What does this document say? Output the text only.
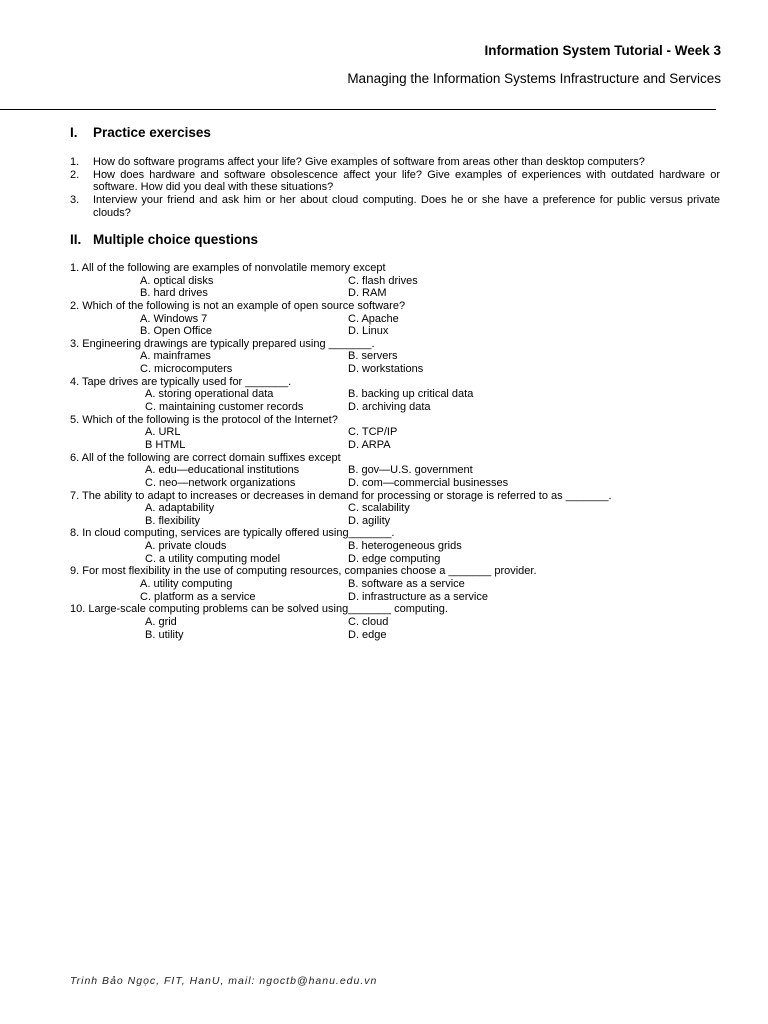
Information System Tutorial - Week 3
Managing the Information Systems Infrastructure and Services
I. Practice exercises
1.	How do software programs affect your life? Give examples of software from areas other than desktop computers?
2.	How does hardware and software obsolescence affect your life? Give examples of experiences with outdated hardware or software. How did you deal with these situations?
3.	Interview your friend and ask him or her about cloud computing. Does he or she have a preference for public versus private clouds?
II. Multiple choice questions
1. All of the following are examples of nonvolatile memory except
A. optical disks	C. flash drives
B. hard drives	D. RAM
2. Which of the following is not an example of open source software?
A. Windows 7	C. Apache
B. Open Office	D. Linux
3. Engineering drawings are typically prepared using _______.
A. mainframes	B. servers
C. microcomputers	D. workstations
4. Tape drives are typically used for _______.
A. storing operational data	B. backing up critical data
C. maintaining customer records	D. archiving data
5. Which of the following is the protocol of the Internet?
A. URL	C. TCP/IP
B HTML	D. ARPA
6. All of the following are correct domain suffixes except
A. edu—educational institutions	B. gov—U.S. government
C. neo—network organizations	D. com—commercial businesses
7. The ability to adapt to increases or decreases in demand for processing or storage is referred to as _______.
A. adaptability	C. scalability
B. flexibility	D. agility
8. In cloud computing, services are typically offered using_______.
A. private clouds	B. heterogeneous grids
C. a utility computing model	D. edge computing
9. For most flexibility in the use of computing resources, companies choose a _______ provider.
A. utility computing	B. software as a service
C. platform as a service	D. infrastructure as a service
10. Large-scale computing problems can be solved using_______ computing.
A. grid	C. cloud
B. utility	D. edge
Trinh Bảo Ngọc, FIT, HanU, mail: ngoctb@hanu.edu.vn
